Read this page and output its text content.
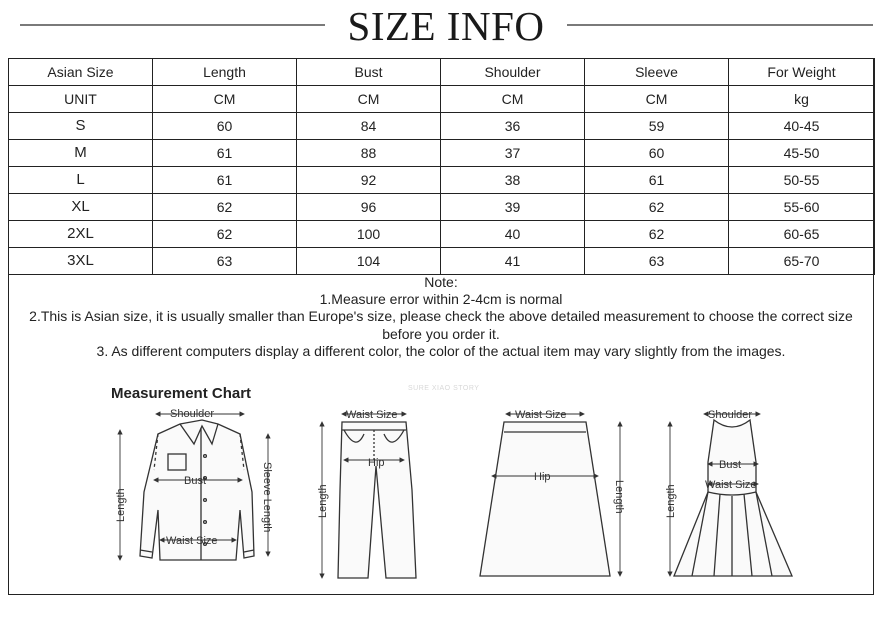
SIZE INFO
Asian Size	Length	Bust	Shoulder	Sleeve	For Weight
UNIT	CM	CM	CM	CM	kg
S	60	84	36	59	40-45
M	61	88	37	60	45-50
L	61	92	38	61	50-55
XL	62	96	39	62	55-60
2XL	62	100	40	62	60-65
3XL	63	104	41	63	65-70
Note:
1.Measure error within 2-4cm is normal
2.This is Asian size, it is usually smaller than Europe's size, please check the above detailed measurement to choose the correct size before you order it.
3. As different computers display a different color, the color of the actual item may vary slightly from the images.
Measurement Chart	SURE XIAO STORY
Shoulder
Bust
Waist Size
Length	Sleeve Length
Waist Size
Hip
Length
Waist Size
Hip
Length
Shoulder
Bust
Waist Size
Length
